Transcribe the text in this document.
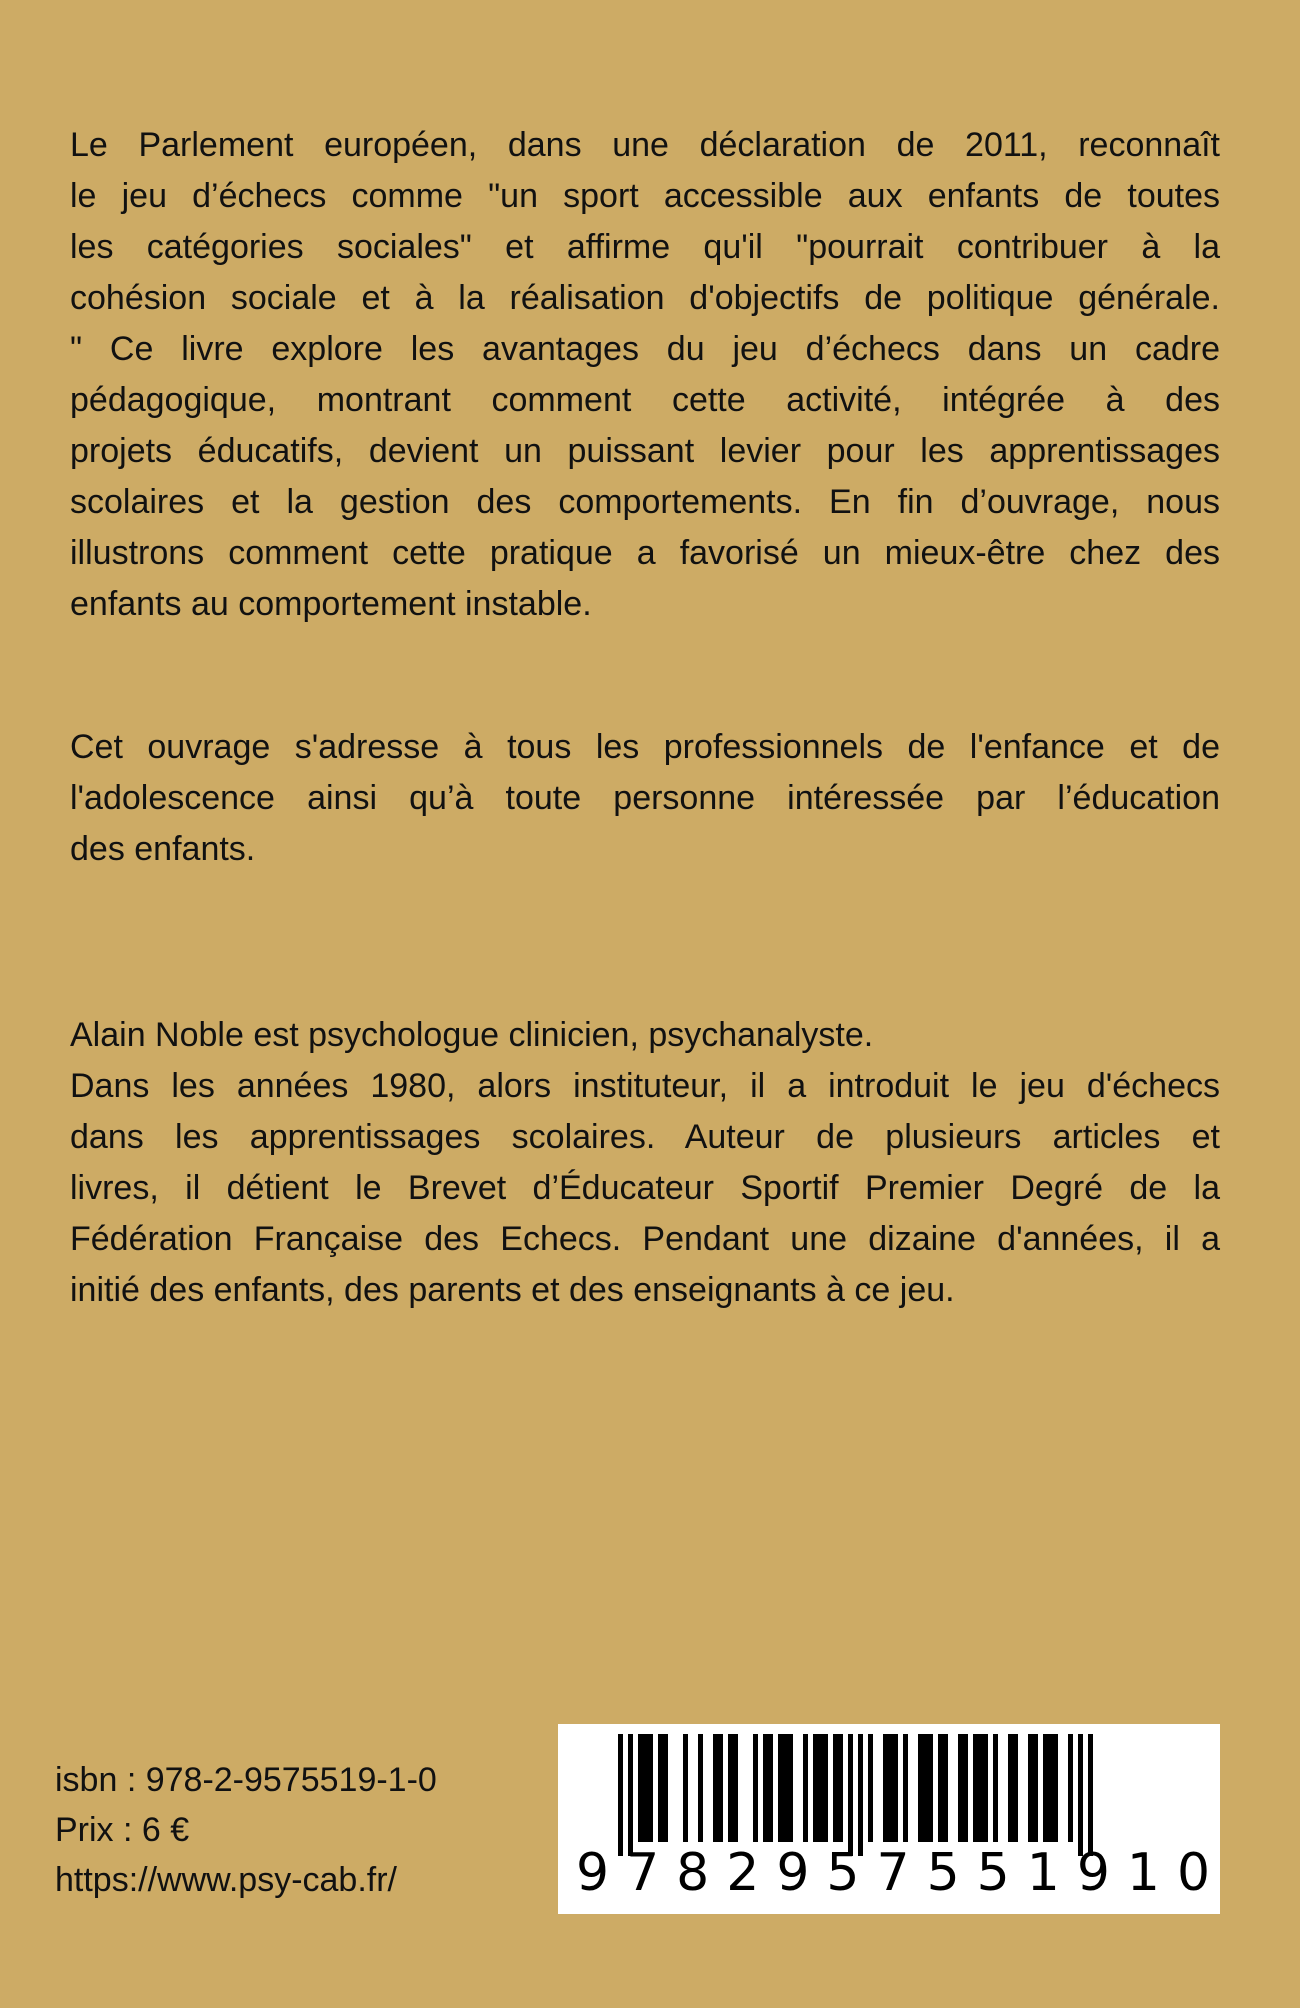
Le Parlement européen, dans une déclaration de 2011, reconnaît
le jeu d’échecs comme "un sport accessible aux enfants de toutes
les catégories sociales" et affirme qu'il "pourrait contribuer à la
cohésion sociale et à la réalisation d'objectifs de politique générale.
" Ce livre explore les avantages du jeu d’échecs dans un cadre
pédagogique, montrant comment cette activité, intégrée à des
projets éducatifs, devient un puissant levier pour les apprentissages
scolaires et la gestion des comportements. En fin d’ouvrage, nous
illustrons comment cette pratique a favorisé un mieux-être chez des
enfants au comportement instable.
Cet ouvrage s'adresse à tous les professionnels de l'enfance et de
l'adolescence ainsi qu’à toute personne intéressée par l’éducation
des enfants.
Alain Noble est psychologue clinicien, psychanalyste.
Dans les années 1980, alors instituteur, il a introduit le jeu d'échecs
dans les apprentissages scolaires. Auteur de plusieurs articles et
livres, il détient le Brevet d’Éducateur Sportif Premier Degré de la
Fédération Française des Echecs. Pendant une dizaine d'années, il a
initié des enfants, des parents et des enseignants à ce jeu.
isbn : 978-2-9575519-1-0
Prix : 6 €
https://www.psy-cab.fr/	9782957551910
